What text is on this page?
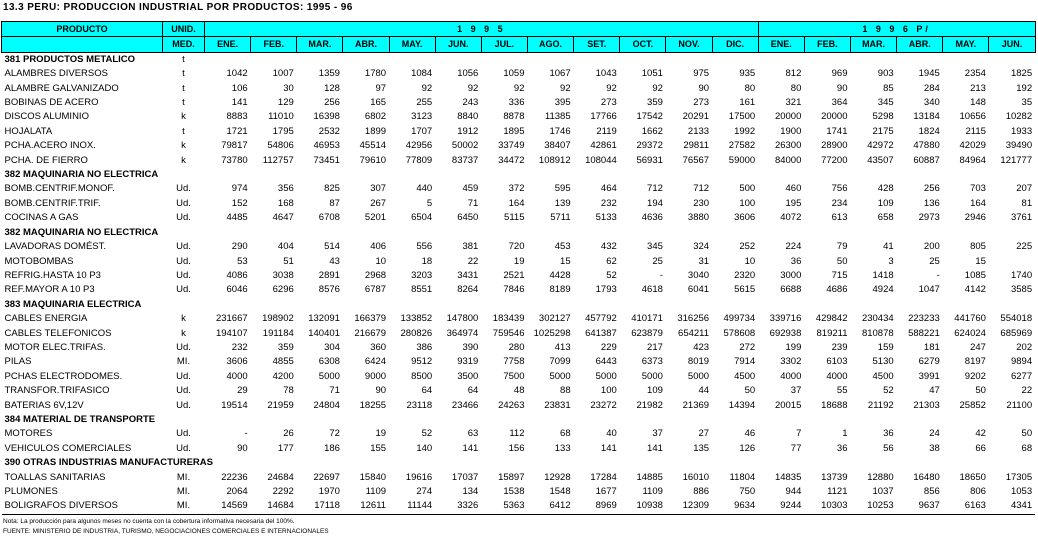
13.3 PERU: PRODUCCION INDUSTRIAL POR PRODUCTOS: 1995 - 96
PRODUCTO	UNID.	1 9 9 5												1 9 9 6 P/					
	MED.	ENE.	FEB.	MAR.	ABR.	MAY.	JUN.	JUL.	AGO.	SET.	OCT.	NOV.	DIC.	ENE.	FEB.	MAR.	ABR.	MAY.	JUN.
381 PRODUCTOS METALICO	t																		
ALAMBRES DIVERSOS	t	1042	1007	1359	1780	1084	1056	1059	1067	1043	1051	975	935	812	969	903	1945	2354	1825
ALAMBRE GALVANIZADO	t	106	30	128	97	92	92	92	92	92	92	90	80	80	90	85	284	213	192
BOBINAS DE ACERO	t	141	129	256	165	255	243	336	395	273	359	273	161	321	364	345	340	148	35
DISCOS ALUMINIO	k	8883	11010	16398	6802	3123	8840	8878	11385	17766	17542	20291	17500	20000	20000	5298	13184	10656	10282
HOJALATA	t	1721	1795	2532	1899	1707	1912	1895	1746	2119	1662	2133	1992	1900	1741	2175	1824	2115	1933
PCHA.ACERO INOX.	k	79817	54806	46953	45514	42956	50002	33749	38407	42861	29372	29811	27582	26300	28900	42972	47880	42029	39490
PCHA. DE FIERRO	k	73780	112757	73451	79610	77809	83737	34472	108912	108044	56931	76567	59000	84000	77200	43507	60887	84964	121777
382 MAQUINARIA NO ELECTRICA																			
BOMB.CENTRIF.MONOF.	Ud.	974	356	825	307	440	459	372	595	464	712	712	500	460	756	428	256	703	207
BOMB.CENTRIF.TRIF.	Ud.	152	168	87	267	5	71	164	139	232	194	230	100	195	234	109	136	164	81
COCINAS A GAS	Ud.	4485	4647	6708	5201	6504	6450	5115	5711	5133	4636	3880	3606	4072	613	658	2973	2946	3761
382 MAQUINARIA NO ELECTRICA																			
LAVADORAS DOMÉST.	Ud.	290	404	514	406	556	381	720	453	432	345	324	252	224	79	41	200	805	225
MOTOBOMBAS	Ud.	53	51	43	10	18	22	19	15	62	25	31	10	36	50	3	25	15	
REFRIG.HASTA 10 P3	Ud.	4086	3038	2891	2968	3203	3431	2521	4428	52	-	3040	2320	3000	715	1418	-	1085	1740
REF.MAYOR A 10 P3	Ud.	6046	6296	8576	6787	8551	8264	7846	8189	1793	4618	6041	5615	6688	4686	4924	1047	4142	3585
383 MAQUINARIA ELECTRICA																			
CABLES ENERGIA	k	231667	198902	132091	166379	133852	147800	183439	302127	457792	410171	316256	499734	339716	429842	230434	223233	441760	554018
CABLES TELEFONICOS	k	194107	191184	140401	216679	280826	364974	759546	1025298	641387	623879	654211	578608	692938	819211	810878	588221	624024	685969
MOTOR ELEC.TRIFAS.	Ud.	232	359	304	360	386	390	280	413	229	217	423	272	199	239	159	181	247	202
PILAS	MI.	3606	4855	6308	6424	9512	9319	7758	7099	6443	6373	8019	7914	3302	6103	5130	6279	8197	9894
PCHAS ELECTRODOMES.	Ud.	4000	4200	5000	9000	8500	3500	7500	5000	5000	5000	5000	4500	4000	4000	4500	3991	9202	6277
TRANSFOR.TRIFASICO	Ud.	29	78	71	90	64	64	48	88	100	109	44	50	37	55	52	47	50	22
BATERIAS 6V,12V	Ud.	19514	21959	24804	18255	23118	23466	24263	23831	23272	21982	21369	14394	20015	18688	21192	21303	25852	21100
384 MATERIAL DE TRANSPORTE																			
MOTORES	Ud.	-	26	72	19	52	63	112	68	40	37	27	46	7	1	36	24	42	50
VEHICULOS COMERCIALES	Ud.	90	177	186	155	140	141	156	133	141	141	135	126	77	36	56	38	66	68
390 OTRAS INDUSTRIAS MANUFACTURERAS																			
TOALLAS SANITARIAS	MI.	22236	24684	22697	15840	19616	17037	15897	12928	17284	14885	16010	11804	14835	13739	12880	16480	18650	17305
PLUMONES	MI.	2064	2292	1970	1109	274	134	1538	1548	1677	1109	886	750	944	1121	1037	856	806	1053
BOLIGRAFOS DIVERSOS	MI.	14569	14684	17118	12611	11144	3326	5363	6412	8969	10938	12309	9634	9244	10303	10253	9637	6163	4341
Nota: La producción para algunos meses no cuenta con la cobertura informativa necesaria del 100%.
FUENTE: MINISTERIO DE INDUSTRIA, TURISMO, NEGOCIACIONES COMERCIALES E INTERNACIONALES
